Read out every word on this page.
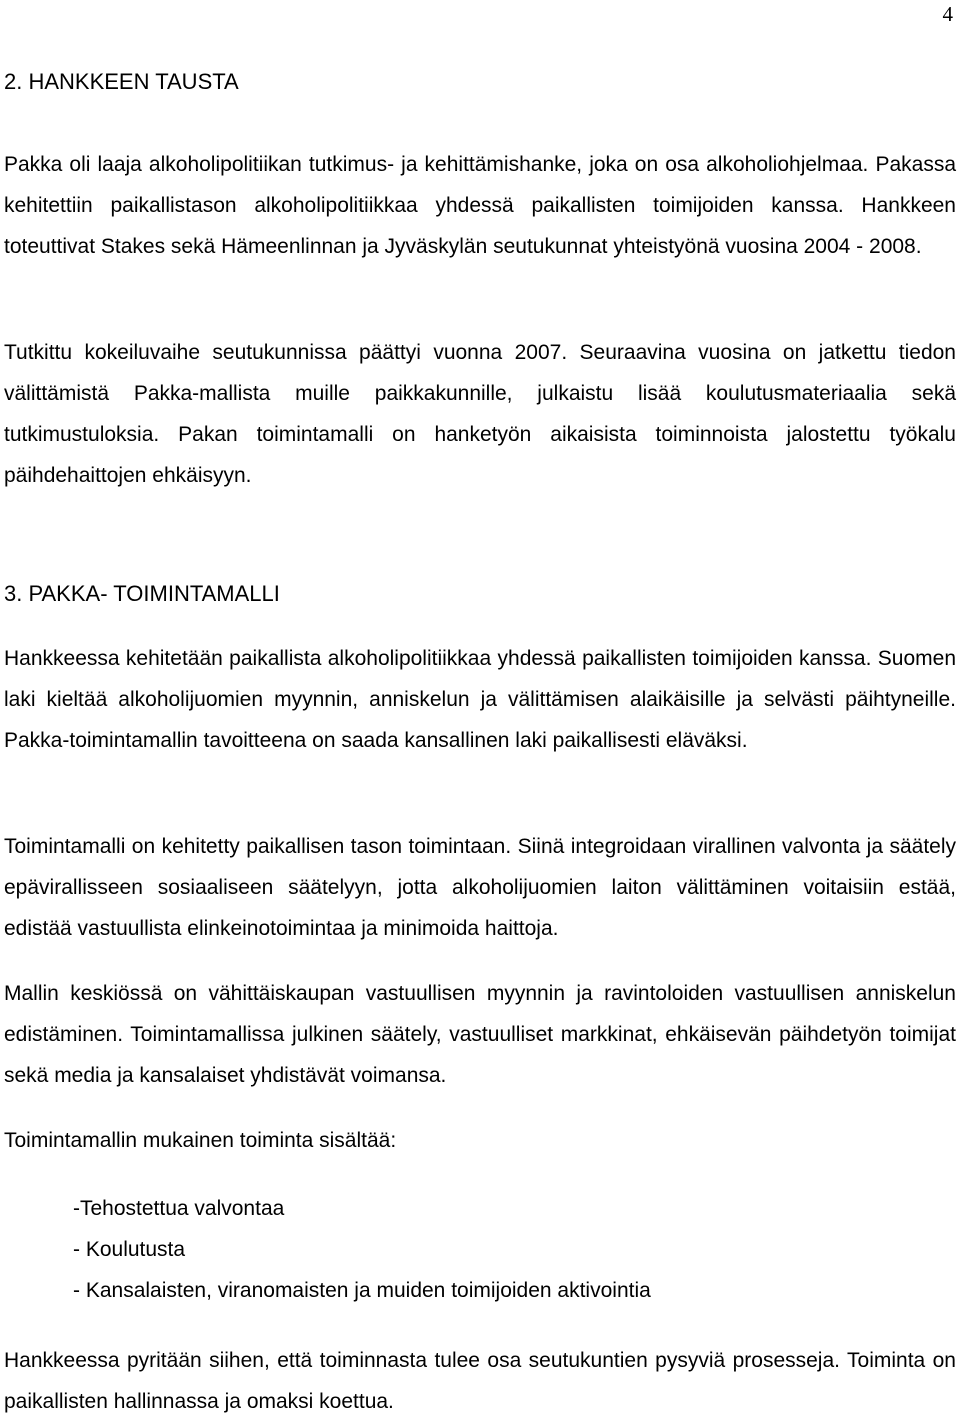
4
2. HANKKEEN TAUSTA

Pakka oli laaja alkoholipolitiikan tutkimus- ja kehittämishanke, joka on osa alkoholiohjelmaa. Pakassa kehitettiin paikallistason alkoholipolitiikkaa yhdessä paikallisten toimijoiden kanssa. Hankkeen toteuttivat Stakes sekä Hämeenlinnan ja Jyväskylän seutukunnat yhteistyönä vuosina 2004 - 2008.

Tutkittu kokeiluvaihe seutukunnissa päättyi vuonna 2007. Seuraavina vuosina on jatkettu tiedon välittämistä Pakka-mallista muille paikkakunnille, julkaistu lisää koulutusmateriaalia sekä tutkimustuloksia. Pakan toimintamalli on hanketyön aikaisista toiminnoista jalostettu työkalu päihdehaittojen ehkäisyyn.

3. PAKKA- TOIMINTAMALLI

Hankkeessa kehitetään paikallista alkoholipolitiikkaa yhdessä paikallisten toimijoiden kanssa. Suomen laki kieltää alkoholijuomien myynnin, anniskelun ja välittämisen alaikäisille ja selvästi päihtyneille. Pakka-toimintamallin tavoitteena on saada kansallinen laki paikallisesti eläväksi.

Toimintamalli on kehitetty paikallisen tason toimintaan. Siinä integroidaan virallinen valvonta ja säätely epävirallisseen sosiaaliseen säätelyyn, jotta alkoholijuomien laiton välittäminen voitaisiin estää, edistää vastuullista elinkeinotoimintaa ja minimoida haittoja.

Mallin keskiössä on vähittäiskaupan vastuullisen myynnin ja ravintoloiden vastuullisen anniskelun edistäminen. Toimintamallissa julkinen säätely, vastuulliset markkinat, ehkäisevän päihdetyön toimijat sekä media ja kansalaiset yhdistävät voimansa.

Toimintamallin mukainen toiminta sisältää:

-Tehostettua valvontaa
- Koulutusta
- Kansalaisten, viranomaisten ja muiden toimijoiden aktivointia

Hankkeessa pyritään siihen, että toiminnasta tulee osa seutukuntien pysyviä prosesseja. Toiminta on paikallisten hallinnassa ja omaksi koettua.
